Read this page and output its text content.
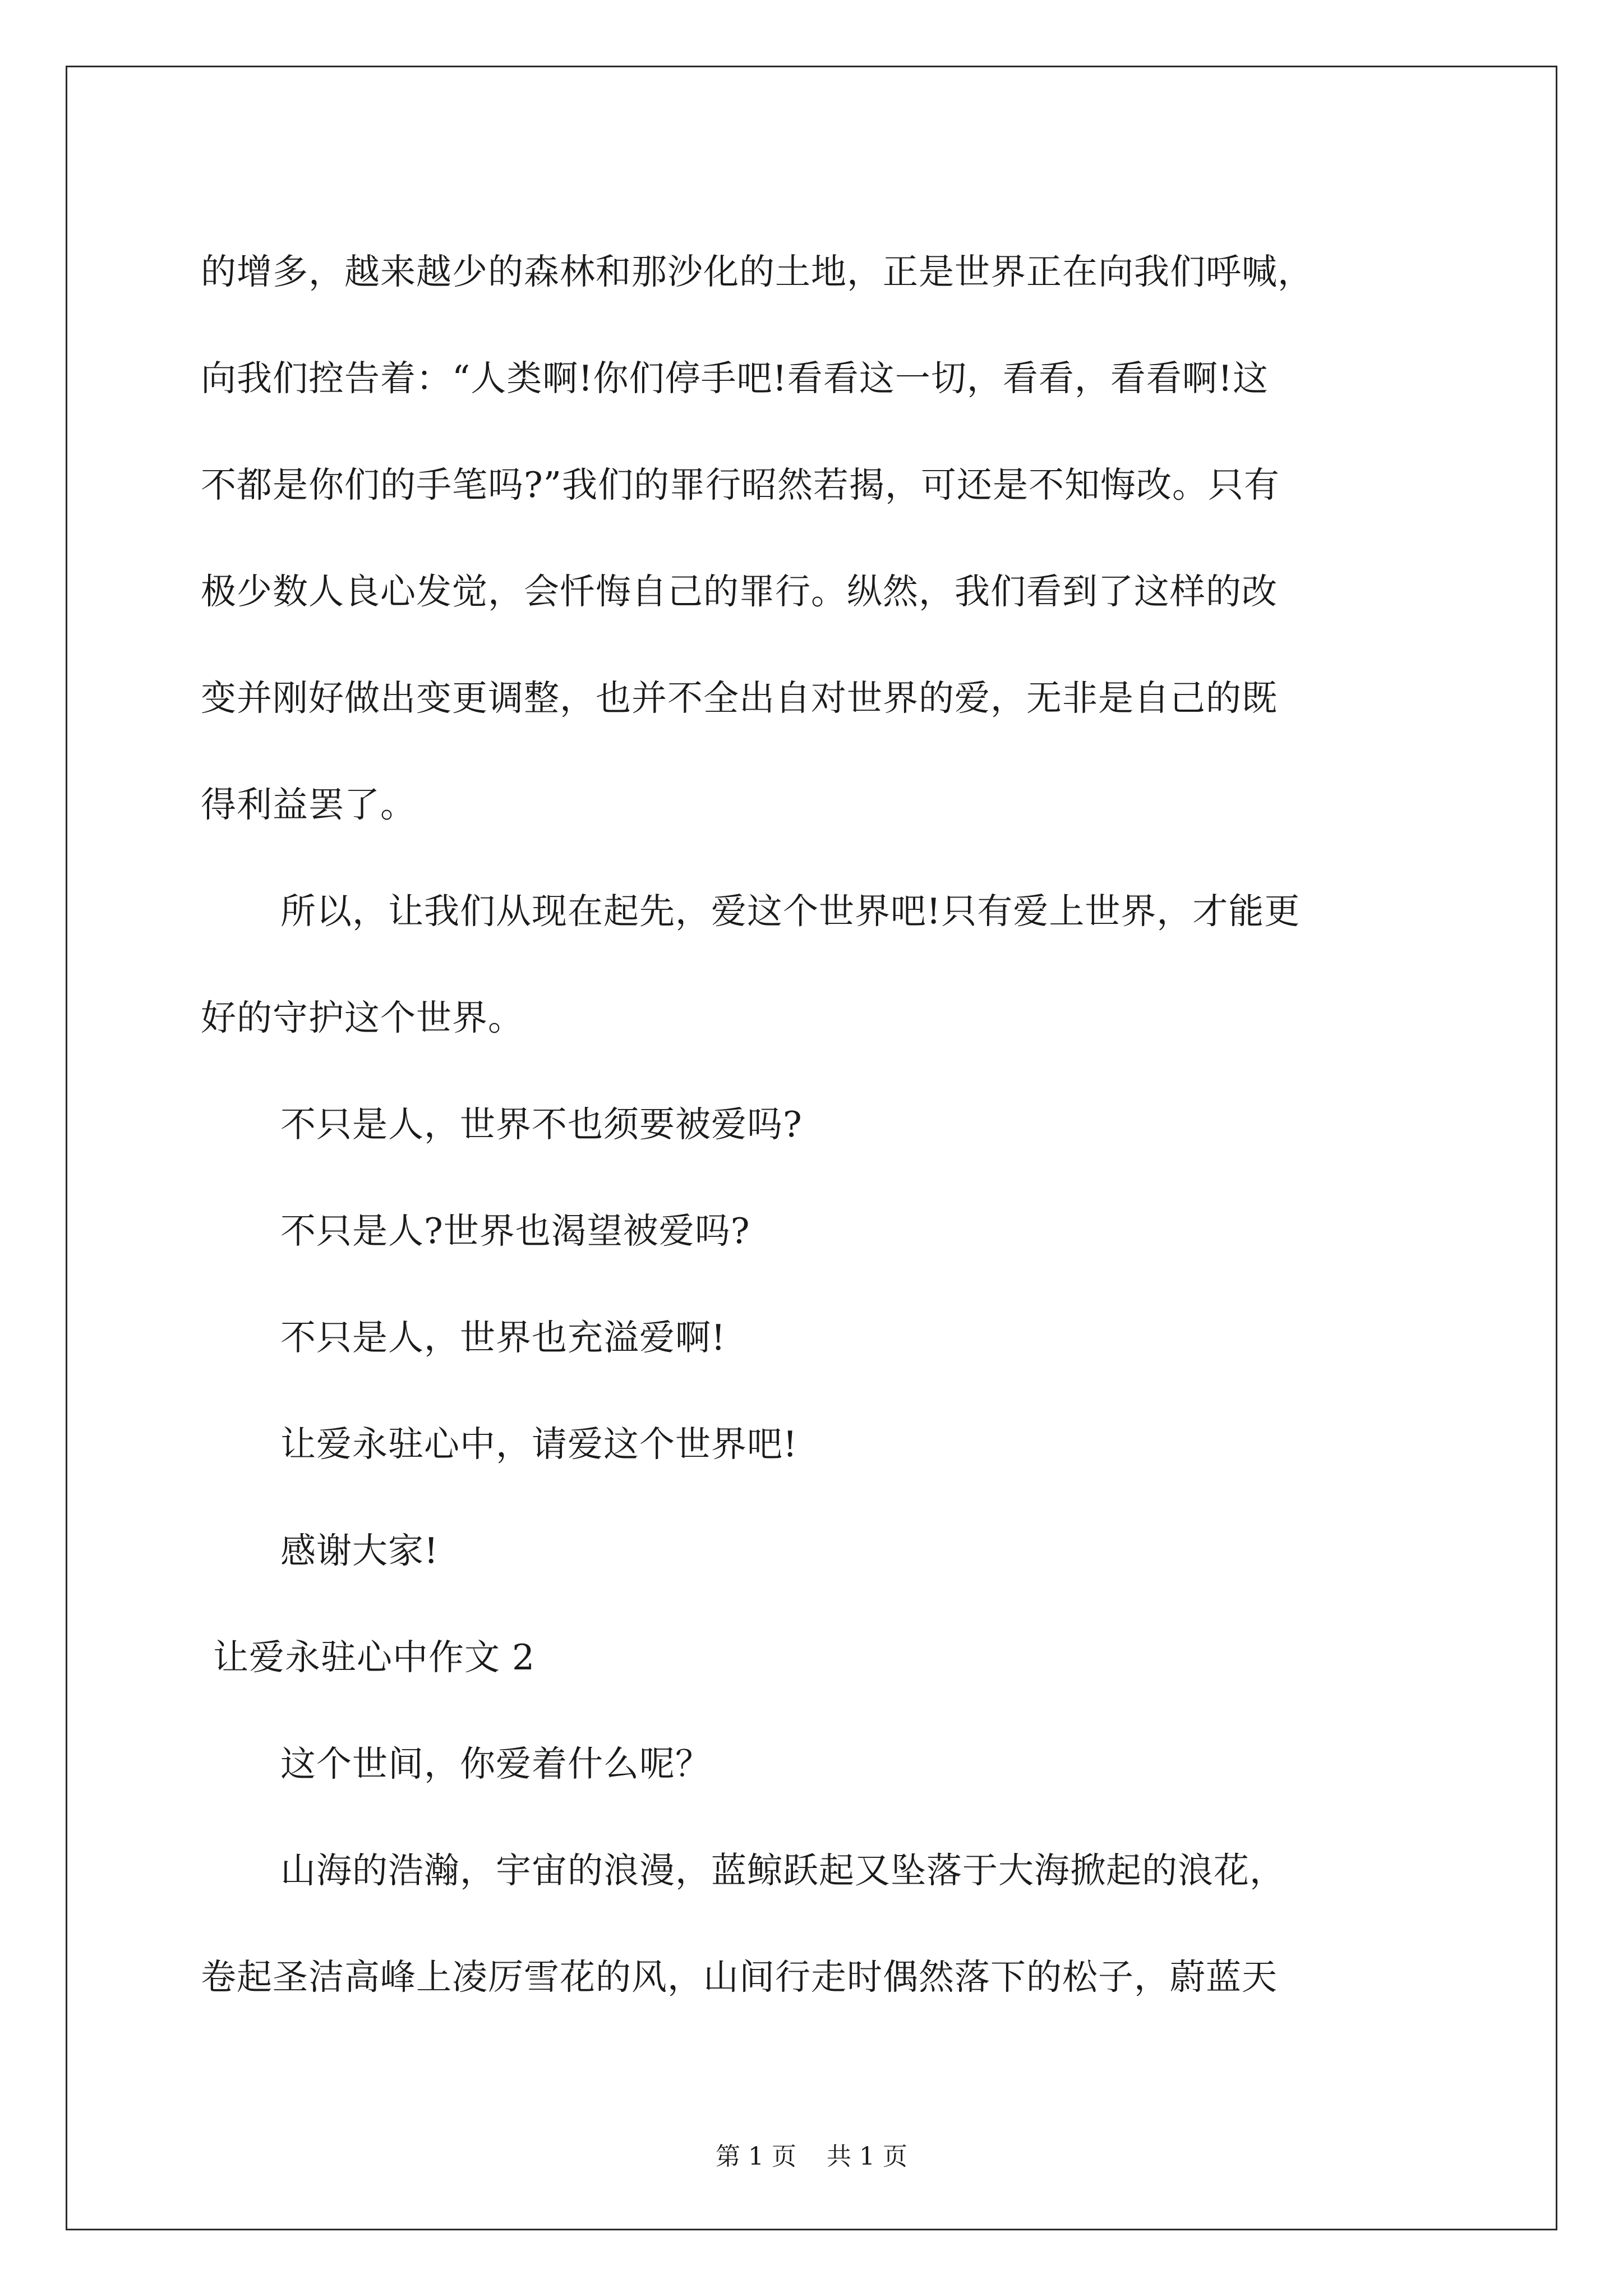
的增多，越来越少的森林和那沙化的土地，正是世界正在向我们呼喊，
向我们控告着：“人类啊!你们停手吧!看看这一切，看看，看看啊!这
不都是你们的手笔吗?”我们的罪行昭然若揭，可还是不知悔改。只有
极少数人良心发觉，会忏悔自己的罪行。纵然，我们看到了这样的改
变并刚好做出变更调整，也并不全出自对世界的爱，无非是自己的既
得利益罢了。
所以，让我们从现在起先，爱这个世界吧!只有爱上世界，才能更
好的守护这个世界。
不只是人，世界不也须要被爱吗?
不只是人?世界也渴望被爱吗?
不只是人，世界也充溢爱啊!
让爱永驻心中，请爱这个世界吧!
感谢大家!
让爱永驻心中作文 2
这个世间，你爱着什么呢？
山海的浩瀚，宇宙的浪漫，蓝鲸跃起又坠落于大海掀起的浪花，
卷起圣洁高峰上凌厉雪花的风，山间行走时偶然落下的松子，蔚蓝天
第 1 页 共 1 页
